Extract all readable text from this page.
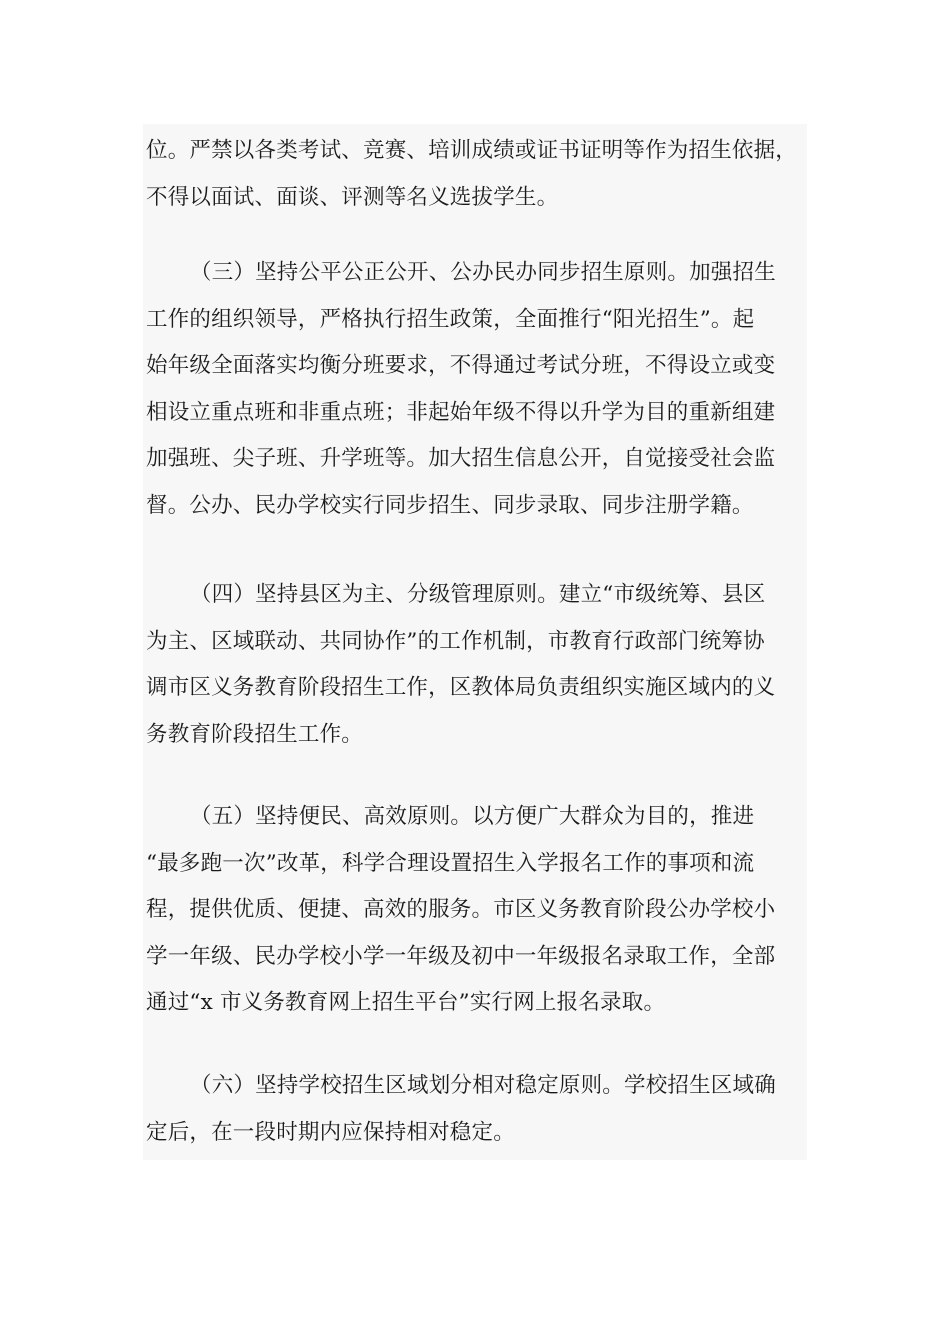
位。严禁以各类考试、竞赛、培训成绩或证书证明等作为招生依据，
不得以面试、面谈、评测等名义选拔学生。
（三）坚持公平公正公开、公办民办同步招生原则。加强招生
工作的组织领导，严格执行招生政策，全面推行“阳光招生”。起
始年级全面落实均衡分班要求，不得通过考试分班，不得设立或变
相设立重点班和非重点班；非起始年级不得以升学为目的重新组建
加强班、尖子班、升学班等。加大招生信息公开，自觉接受社会监
督。公办、民办学校实行同步招生、同步录取、同步注册学籍。
（四）坚持县区为主、分级管理原则。建立“市级统筹、县区
为主、区域联动、共同协作”的工作机制，市教育行政部门统筹协
调市区义务教育阶段招生工作，区教体局负责组织实施区域内的义
务教育阶段招生工作。
（五）坚持便民、高效原则。以方便广大群众为目的，推进
“最多跑一次”改革，科学合理设置招生入学报名工作的事项和流
程，提供优质、便捷、高效的服务。市区义务教育阶段公办学校小
学一年级、民办学校小学一年级及初中一年级报名录取工作，全部
通过“x 市义务教育网上招生平台”实行网上报名录取。
（六）坚持学校招生区域划分相对稳定原则。学校招生区域确
定后，在一段时期内应保持相对稳定。
